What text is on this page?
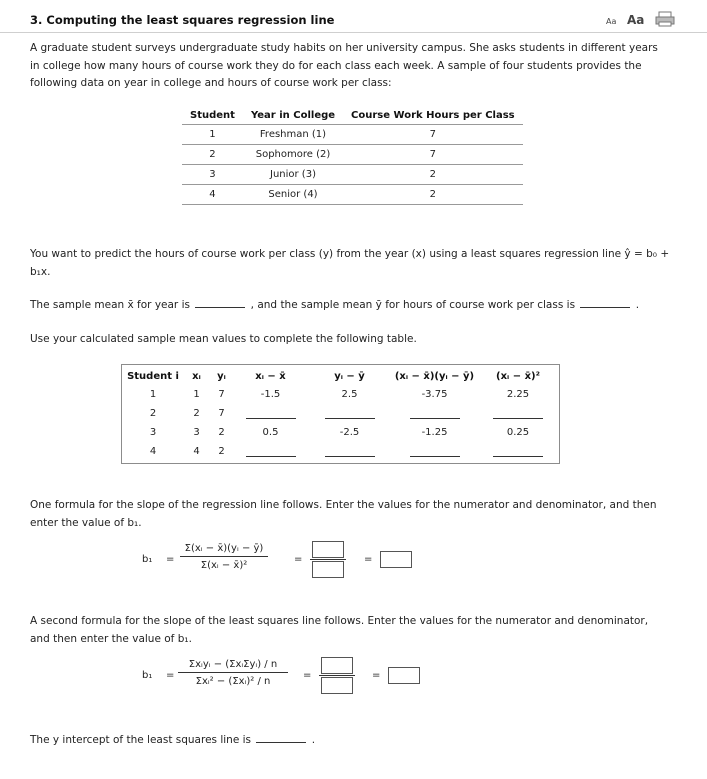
3. Computing the least squares regression line	Aa Aa

A graduate student surveys undergraduate study habits on her university campus. She asks students in different years in college how many hours of course work they do for each class each week. A sample of four students provides the following data on year in college and hours of course work per class:

Student	Year in College	Course Work Hours per Class
1	Freshman (1)	7
2	Sophomore (2)	7
3	Junior (3)	2
4	Senior (4)	2

You want to predict the hours of course work per class (y) from the year (x) using a least squares regression line ŷ = b₀ + b₁x.

The sample mean x̄ for year is	, and the sample mean ȳ for hours of course work per class is	.

Use your calculated sample mean values to complete the following table.

Student i	xᵢ	yᵢ	xᵢ − x̄	yᵢ − ȳ	(xᵢ − x̄)(yᵢ − ȳ)	(xᵢ − x̄)²
1	1	7	-1.5	2.5	-3.75	2.25
2	2	7				
3	3	2	0.5	-2.5	-1.25	0.25
4	4	2				

One formula for the slope of the regression line follows. Enter the values for the numerator and denominator, and then enter the value of b₁.

$b_1 = \frac{\text{Σ(xᵢ − x̄)(yᵢ − ȳ)}}{\text{Σ(xᵢ − x̄)²}}$	=	=

A second formula for the slope of the least squares line follows. Enter the values for the numerator and denominator, and then enter the value of b₁.

b₁ =
Σxᵢyᵢ − (ΣxᵢΣyᵢ) / n
Σxᵢ² − (Σxᵢ)² / n
=	=

The y intercept of the least squares line is	.
